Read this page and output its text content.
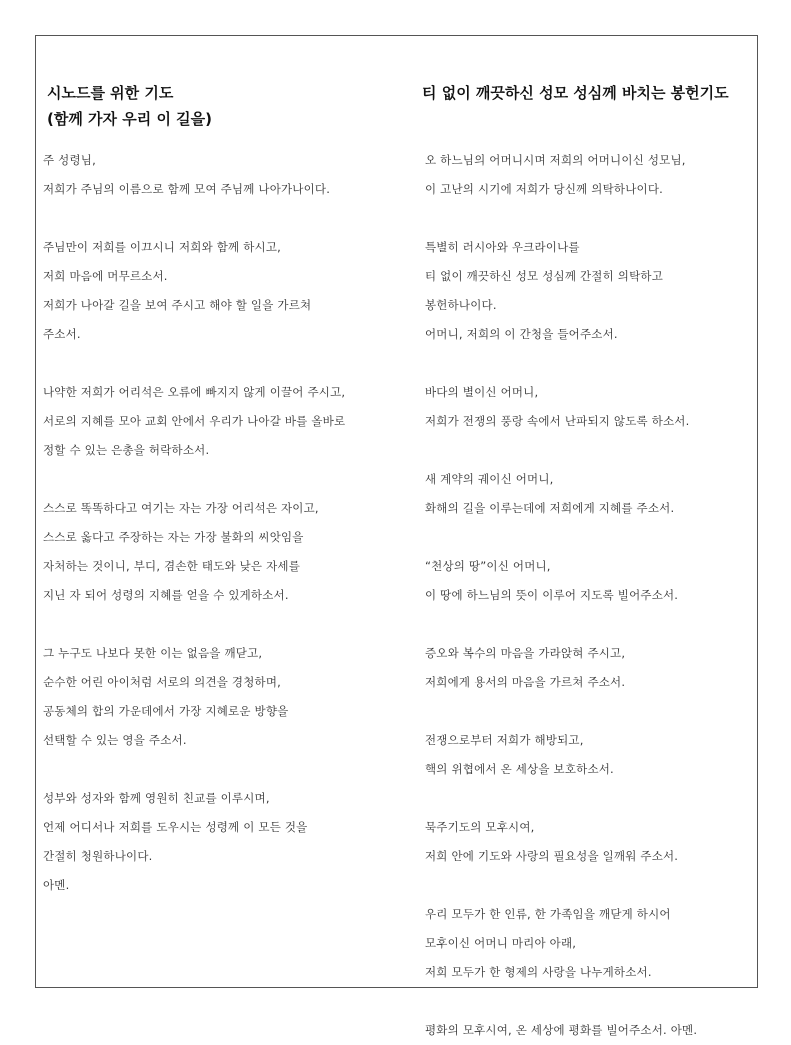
시노드를 위한 기도
(함께 가자 우리 이 길을)
주 성령님,
저희가 주님의 이름으로 함께 모여 주님께 나아가나이다.
주님만이 저희를 이끄시니 저희와 함께 하시고,
저희 마음에 머무르소서.
저희가 나아갈 길을 보여 주시고 해야 할 일을 가르쳐
주소서.
나약한 저희가 어리석은 오류에 빠지지 않게 이끌어 주시고,
서로의 지혜를 모아 교회 안에서 우리가 나아갈 바를 올바로
정할 수 있는 은총을 허락하소서.
스스로 똑똑하다고 여기는 자는 가장 어리석은 자이고,
스스로 옳다고 주장하는 자는 가장 불화의 씨앗임을
자처하는 것이니, 부디, 겸손한 태도와 낮은 자세를
지닌 자 되어 성령의 지혜를 얻을 수 있게하소서.
그 누구도 나보다 못한 이는 없음을 깨닫고,
순수한 어린 아이처럼 서로의 의견을 경청하며,
공동체의 합의 가운데에서 가장 지혜로운 방향을
선택할 수 있는 영을 주소서.
성부와 성자와 함께 영원히 친교를 이루시며,
언제 어디서나 저희를 도우시는 성령께 이 모든 것을
간절히 청원하나이다.
아멘.
티 없이 깨끗하신 성모 성심께 바치는 봉헌기도
오 하느님의 어머니시며 저희의 어머니이신 성모님,
이 고난의 시기에 저희가 당신께 의탁하나이다.
특별히 러시아와 우크라이나를
티 없이 깨끗하신 성모 성심께 간절히 의탁하고
봉헌하나이다.
어머니, 저희의 이 간청을 들어주소서.
바다의 별이신 어머니,
저희가 전쟁의 풍랑 속에서 난파되지 않도록 하소서.
새 계약의 궤이신 어머니,
화해의 길을 이루는데에 저희에게 지혜를 주소서.
“천상의 땅”이신 어머니,
이 땅에 하느님의 뜻이 이루어 지도록 빌어주소서.
증오와 복수의 마음을 가라앉혀 주시고,
저희에게 용서의 마음을 가르쳐 주소서.
전쟁으로부터 저희가 해방되고,
핵의 위협에서 온 세상을 보호하소서.
묵주기도의 모후시여,
저희 안에 기도와 사랑의 필요성을 일깨워 주소서.
우리 모두가 한 인류, 한 가족임을 깨닫게 하시어
모후이신 어머니 마리아 아래,
저희 모두가 한 형제의 사랑을 나누게하소서.
평화의 모후시여, 온 세상에 평화를 빌어주소서. 아멘.
